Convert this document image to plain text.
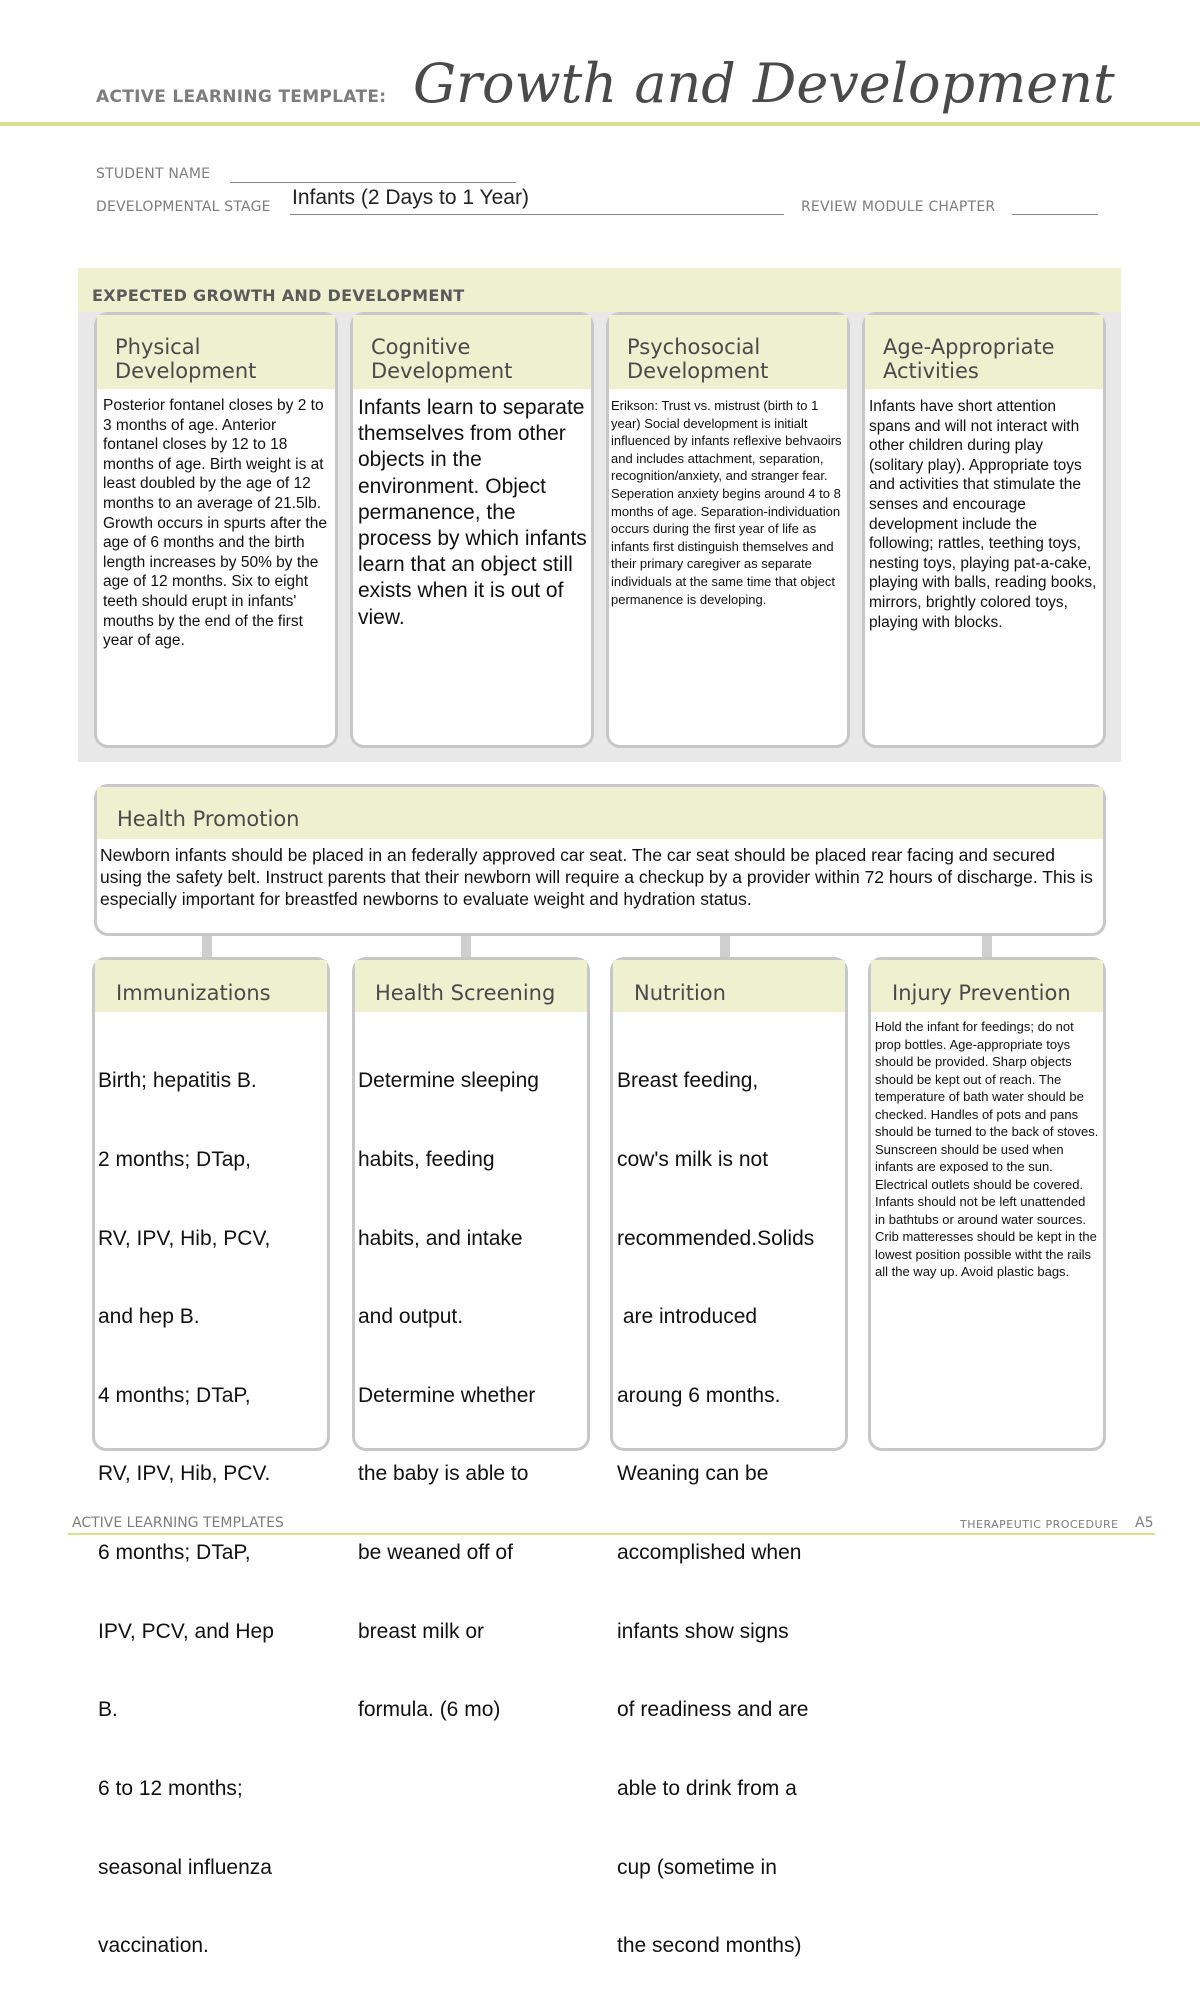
ACTIVE LEARNING TEMPLATE: Growth and Development
STUDENT NAME
DEVELOPMENTAL STAGE Infants (2 Days to 1 Year)	REVIEW MODULE CHAPTER
EXPECTED GROWTH AND DEVELOPMENT
Physical
Development
Posterior fontanel closes by 2 to 3 months of age. Anterior fontanel closes by 12 to 18 months of age. Birth weight is at least doubled by the age of 12 months to an average of 21.5lb. Growth occurs in spurts after the age of 6 months and the birth length increases by 50% by the age of 12 months. Six to eight teeth should erupt in infants' mouths by the end of the first year of age.
Cognitive
Development
Infants learn to separate themselves from other objects in the environment. Object permanence, the process by which infants learn that an object still exists when it is out of view.
Psychosocial
Development
Erikson: Trust vs. mistrust (birth to 1 year) Social development is initialt influenced by infants reflexive behvaoirs and includes attachment, separation, recognition/anxiety, and stranger fear. Seperation anxiety begins around 4 to 8 months of age. Separation-individuation occurs during the first year of life as infants first distinguish themselves and their primary caregiver as separate individuals at the same time that object permanence is developing.
Age-Appropriate
Activities
Infants have short attention spans and will not interact with other children during play (solitary play). Appropriate toys and activities that stimulate the senses and encourage development include the following; rattles, teething toys, nesting toys, playing pat-a-cake, playing with balls, reading books, mirrors, brightly colored toys, playing with blocks.
Health Promotion
Newborn infants should be placed in an federally approved car seat. The car seat should be placed rear facing and secured using the safety belt. Instruct parents that their newborn will require a checkup by a provider within 72 hours of discharge. This is especially important for breastfed newborns to evaluate weight and hydration status.
Immunizations

Birth; hepatitis B.

2 months; DTap,

RV, IPV, Hib, PCV,

and hep B.

4 months; DTaP,

RV, IPV, Hib, PCV.

6 months; DTaP,

IPV, PCV, and Hep

B.

6 to 12 months;

seasonal influenza

vaccination.

Health Screening

Determine sleeping

habits, feeding

habits, and intake

and output.

Determine whether

the baby is able to

be weaned off of

breast milk or

formula. (6 mo)

Nutrition

Breast feeding,

cow's milk is not

recommended.Solids

are introduced

aroung 6 months.

Weaning can be

accomplished when

infants show signs

of readiness and are

able to drink from a

cup (sometime in

the second months)

Injury Prevention
Hold the infant for feedings; do not prop bottles. Age-appropriate toys should be provided. Sharp objects should be kept out of reach. The temperature of bath water should be checked. Handles of pots and pans should be turned to the back of stoves. Sunscreen should be used when infants are exposed to the sun. Electrical outlets should be covered. Infants should not be left unattended in bathtubs or around water sources. Crib matteresses should be kept in the lowest position possible witht the rails all the way up. Avoid plastic bags.
ACTIVE LEARNING TEMPLATES	THERAPEUTIC PROCEDURE A5
